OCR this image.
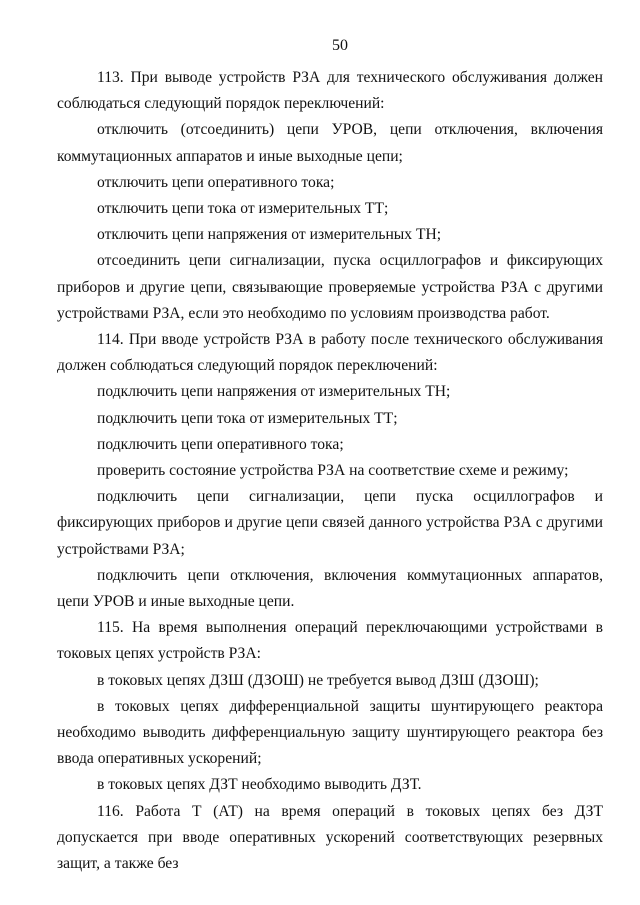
50

113. При выводе устройств РЗА для технического обслуживания должен соблюдаться следующий порядок переключений:

отключить (отсоединить) цепи УРОВ, цепи отключения, включения коммутационных аппаратов и иные выходные цепи;

отключить цепи оперативного тока;

отключить цепи тока от измерительных ТТ;

отключить цепи напряжения от измерительных ТН;

отсоединить цепи сигнализации, пуска осциллографов и фиксирующих приборов и другие цепи, связывающие проверяемые устройства РЗА с другими устройствами РЗА, если это необходимо по условиям производства работ.

114. При вводе устройств РЗА в работу после технического обслуживания должен соблюдаться следующий порядок переключений:

подключить цепи напряжения от измерительных ТН;

подключить цепи тока от измерительных ТТ;

подключить цепи оперативного тока;

проверить состояние устройства РЗА на соответствие схеме и режиму;

подключить цепи сигнализации, цепи пуска осциллографов и фиксирующих приборов и другие цепи связей данного устройства РЗА с другими устройствами РЗА;

подключить цепи отключения, включения коммутационных аппаратов, цепи УРОВ и иные выходные цепи.

115. На время выполнения операций переключающими устройствами в токовых цепях устройств РЗА:

в токовых цепях ДЗШ (ДЗОШ) не требуется вывод ДЗШ (ДЗОШ);

в токовых цепях дифференциальной защиты шунтирующего реактора необходимо выводить дифференциальную защиту шунтирующего реактора без ввода оперативных ускорений;

в токовых цепях ДЗТ необходимо выводить ДЗТ.

116. Работа Т (АТ) на время операций в токовых цепях без ДЗТ допускается при вводе оперативных ускорений соответствующих резервных защит, а также без
